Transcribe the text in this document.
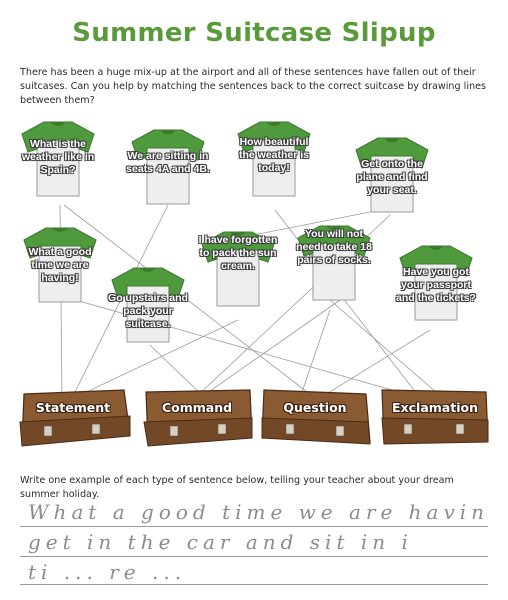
Summer Suitcase Slipup
There has been a huge mix-up at the airport and all of these sentences have fallen out of their suitcases. Can you help by matching the sentences back to the correct suitcase by drawing lines between them?
What is the weather like in Spain?
We are sitting in seats 4A and 4B.
How beautiful the weather is today!	Get onto the plane and find your seat.
What a good time we are having!
I have forgotten to pack the sun cream.
You will not need to take 18 pairs of socks.
Have you got your passport and the tickets?
Go upstairs and pack your suitcase.
Statement	Command	Question	Exclamation
Write one example of each type of sentence below, telling your teacher about your dream summer holiday.
What a good time we are havin
get in the car and sit in i
ti ... re ...
